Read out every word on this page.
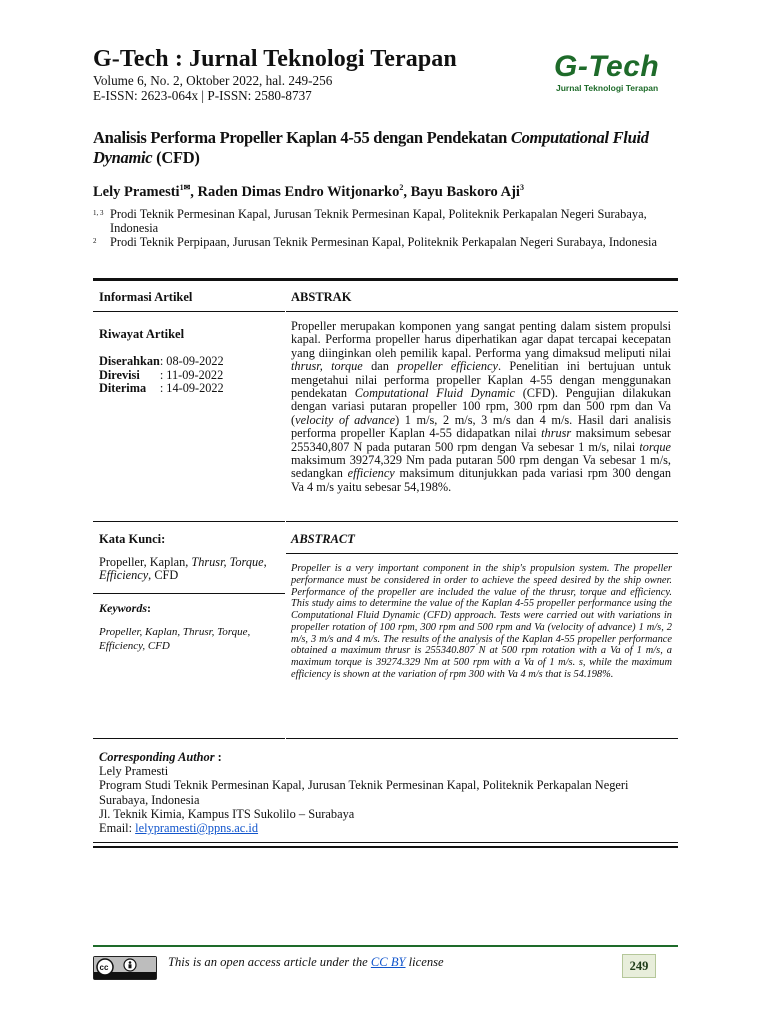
G-Tech : Jurnal Teknologi Terapan
Volume 6, No. 2, Oktober 2022, hal. 249-256
E-ISSN: 2623-064x | P-ISSN: 2580-8737
G-Tech
Jurnal Teknologi Terapan
Analisis Performa Propeller Kaplan 4-55 dengan Pendekatan Computational Fluid Dynamic (CFD)
Lely Pramesti$^{1✉}$, Raden Dimas Endro Witjonarko$^2$, Bayu Baskoro Aji$^3$
1, 3 Prodi Teknik Permesinan Kapal, Jurusan Teknik Permesinan Kapal, Politeknik Perkapalan Negeri Surabaya, Indonesia
2 Prodi Teknik Perpipaan, Jurusan Teknik Permesinan Kapal, Politeknik Perkapalan Negeri Surabaya, Indonesia
Informasi Artikel	ABSTRAK
Riwayat Artikel
Diserahkan	: 08-09-2022
Direvisi	: 11-09-2022
Diterima	: 14-09-2022
Propeller merupakan komponen yang sangat penting dalam sistem propulsi kapal. Performa propeller harus diperhatikan agar dapat tercapai kecepatan yang diinginkan oleh pemilik kapal. Performa yang dimaksud meliputi nilai thrusr, torque dan propeller efficiency. Penelitian ini bertujuan untuk mengetahui nilai performa propeller Kaplan 4-55 dengan menggunakan pendekatan Computational Fluid Dynamic (CFD). Pengujian dilakukan dengan variasi putaran propeller 100 rpm, 300 rpm dan 500 rpm dan Va (velocity of advance) 1 m/s, 2 m/s, 3 m/s dan 4 m/s. Hasil dari analisis performa propeller Kaplan 4-55 didapatkan nilai thrusr maksimum sebesar 255340,807 N pada putaran 500 rpm dengan Va sebesar 1 m/s, nilai torque maksimum 39274,329 Nm pada putaran 500 rpm dengan Va sebesar 1 m/s, sedangkan efficiency maksimum ditunjukkan pada variasi rpm 300 dengan Va 4 m/s yaitu sebesar 54,198%.
Kata Kunci:
Propeller, Kaplan, Thrusr, Torque, Efficiency, CFD
Keywords:
Propeller, Kaplan, Thrusr, Torque, Efficiency, CFD
ABSTRACT
Propeller is a very important component in the ship's propulsion system. The propeller performance must be considered in order to achieve the speed desired by the ship owner. Performance of the propeller are included the value of the thrusr, torque and efficiency. This study aims to determine the value of the Kaplan 4-55 propeller performance using the Computational Fluid Dynamic (CFD) approach. Tests were carried out with variations in propeller rotation of 100 rpm, 300 rpm and 500 rpm and Va (velocity of advance) 1 m/s, 2 m/s, 3 m/s and 4 m/s. The results of the analysis of the Kaplan 4-55 propeller performance obtained a maximum thrusr is 255340.807 N at 500 rpm rotation with a Va of 1 m/s, a maximum torque is 39274.329 Nm at 500 rpm with a Va of 1 m/s. s, while the maximum efficiency is shown at the variation of rpm 300 with Va 4 m/s that is 54.198%.
Corresponding Author :
Lely Pramesti
Program Studi Teknik Permesinan Kapal, Jurusan Teknik Permesinan Kapal, Politeknik Perkapalan Negeri Surabaya, Indonesia
Jl. Teknik Kimia, Kampus ITS Sukolilo – Surabaya
Email: lelypramesti@ppns.ac.id
cc	This is an open access article under the CC BY license	249
